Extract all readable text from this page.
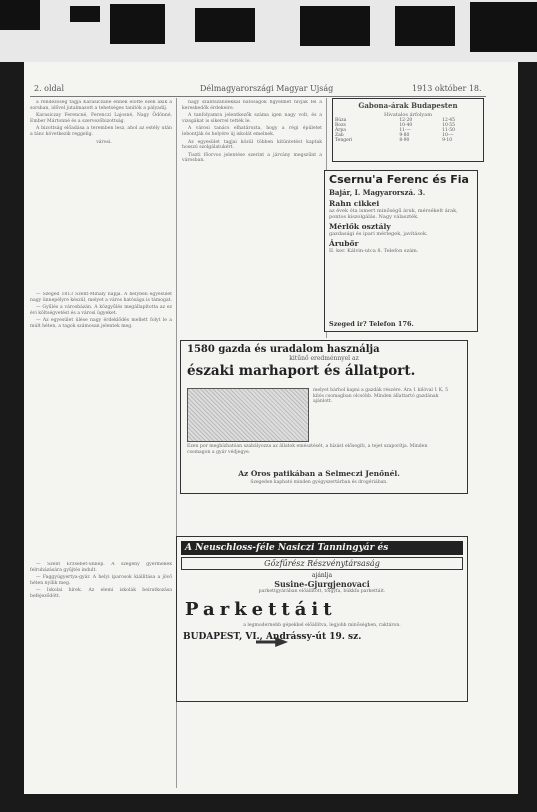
2. oldal	Délmagyarországi Magyar Ujság	1913 október 18.

a rendezőség tagja Karasiczáné ennek előtte ezek akik a sorsban, idővel jutalmazott a tehetséges tanítók a pályadíj.

Karasiczay Ferencné, Ferenczi Lajosné, Nagy Ödönné, Ember Mártonné és a szervezőbizottság.

A bizottság előadása a teremben lesz, ahol az estély után a tánc következik reggelig.

városi.

— Szeged 1813 Szent-Mihály napja. A helybeli egyesület nagy ünnepélyre készül, melyet a város hatósága is támogat.

— Gyűlés a városházán. A közgyűlés megállapította az ez évi költségvetést és a városi ügyeket.

— Az egyesület ülése nagy érdeklődés mellett folyt le a múlt héten, a tagok számosan jelentek meg.

— Szent Erzsébet-ünnep. A szegény gyermekek felruházására gyűjtés indult.

— Faggyúgyertya-gyár. A helyi iparosok kiállítása a jövő héten nyílik meg.

— Iskolai hírek. Az elemi iskolák beiratkozása befejeződött.

nagy szántszándékkal hatóságok figyelmét hívják fel a kereskedők érdekeire.

A tanfolyamra jelentkezők száma igen nagy volt, és a vizsgákat is sikerrel tették le.

A városi tanács elhatározta, hogy a régi épületet lebontják és helyére új iskolát emelnek.

Az egyesület tagjai közül többen kitüntetést kaptak hosszú szolgálatukért.

Tiszti főorvos jelentése szerint a járvány megszűnt a városban.

Gabona-árak Budapesten
Hivatalos árfolyam
Búza		12·20	12·45
Rozs		10·40	10·55
Árpa		11·—	11·50
Zab		9·80	10·—
Tengeri		8·90	9·10
Csernu'a Ferenc és Fia
Bajár, I. Magyarorszá. 3.
Rahn cikkei
az évek óta ismert minőségű áruk, mérsékelt árak, pontos kiszolgálás. Nagy választék.
Mérlők osztály
gazdasági és ipari mérlegek, javítások.
Árubőr
II. ker. Kálvin-utca 8. Telefon szám.
Szeged ir? Telefon 176.
1580 gazda és uradalom használja
kitűnő eredménnyel az
északi marhaport és állatport.
melyet bárhol kapni a gazdák részére. Ára 1 kilóval 1 K, 5 kilós csomagban olcsóbb. Minden állattartó gazdának ajánlott.
Ezen por megbízhatóan szabályozza az állatok emésztését, a hízást elősegíti, a tejet szaporítja. Minden csomagon a gyár védjegye.
Az Oros patikában a Selmeczi Jenőnél.
Szegeden kapható minden gyógyszertárban és drogériában.
A Neuschloss-féle Nasiczi Tanningyár és
Gőzfűrész Részvénytársaság
ajánlja
Susine-Gjurgjenovaci
parkettgyárában előállított, tölgyfa, bükkfa parkettáit.
Parkettáit
a legmodernebb gépekkel előállítva, legjobb minőségben, raktáron.
BUDAPEST, VI., Andrássy-út 19. sz.
